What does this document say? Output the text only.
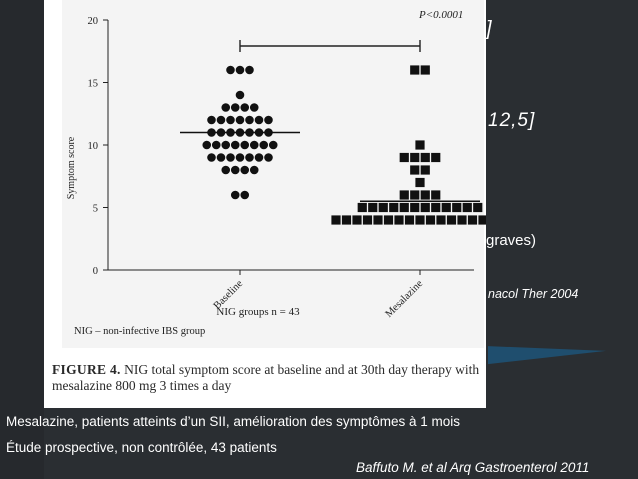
]
12,5]
graves)
nacol Ther 2004
0
5
10
15
20
Baseline	Mesalazine
P<0.0001
Symptom score
NIG groups n = 43
NIG – non-infective IBS group
FIGURE 4. NIG total symptom score at baseline and at 30th day therapy with mesalazine 800 mg 3 times a day
Mesalazine, patients atteints d’un SII, amélioration des symptômes à 1 mois
Étude prospective, non contrôlée, 43 patients
Baffuto M. et al Arq Gastroenterol 2011
